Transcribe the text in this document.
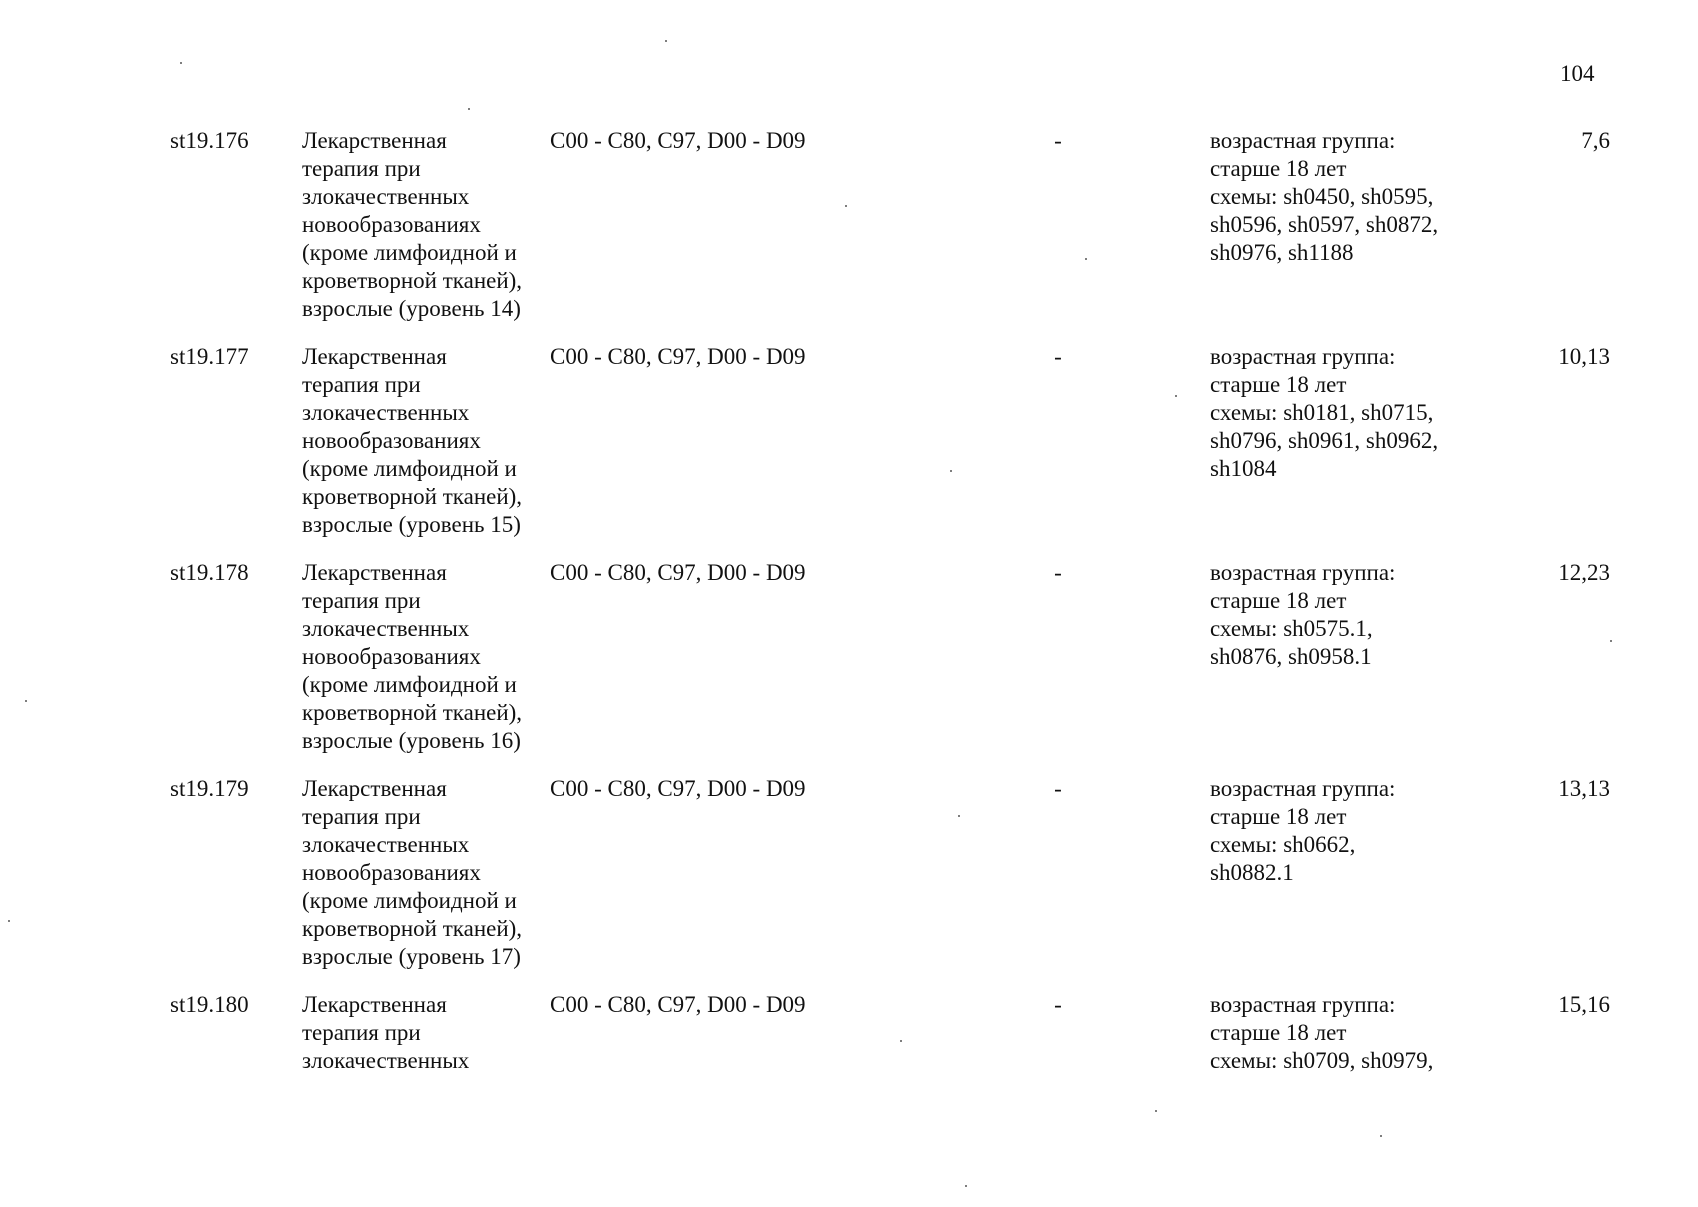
104
st19.176	Лекарственная
терапия при
злокачественных
новообразованиях
(кроме лимфоидной и
кроветворной тканей),
взрослые (уровень 14)
C00 - C80, C97, D00 - D09	-	возрастная группа:
старше 18 лет
схемы: sh0450, sh0595,
sh0596, sh0597, sh0872,
sh0976, sh1188
7,6
st19.177	Лекарственная
терапия при
злокачественных
новообразованиях
(кроме лимфоидной и
кроветворной тканей),
взрослые (уровень 15)
C00 - C80, C97, D00 - D09	-	возрастная группа:
старше 18 лет
схемы: sh0181, sh0715,
sh0796, sh0961, sh0962,
sh1084
10,13
st19.178	Лекарственная
терапия при
злокачественных
новообразованиях
(кроме лимфоидной и
кроветворной тканей),
взрослые (уровень 16)
C00 - C80, C97, D00 - D09	-	возрастная группа:
старше 18 лет
схемы: sh0575.1,
sh0876, sh0958.1
12,23
st19.179	Лекарственная
терапия при
злокачественных
новообразованиях
(кроме лимфоидной и
кроветворной тканей),
взрослые (уровень 17)
C00 - C80, C97, D00 - D09	-	возрастная группа:
старше 18 лет
схемы: sh0662,
sh0882.1
13,13
st19.180	Лекарственная
терапия при
злокачественных
C00 - C80, C97, D00 - D09	-	возрастная группа:
старше 18 лет
схемы: sh0709, sh0979,
15,16
